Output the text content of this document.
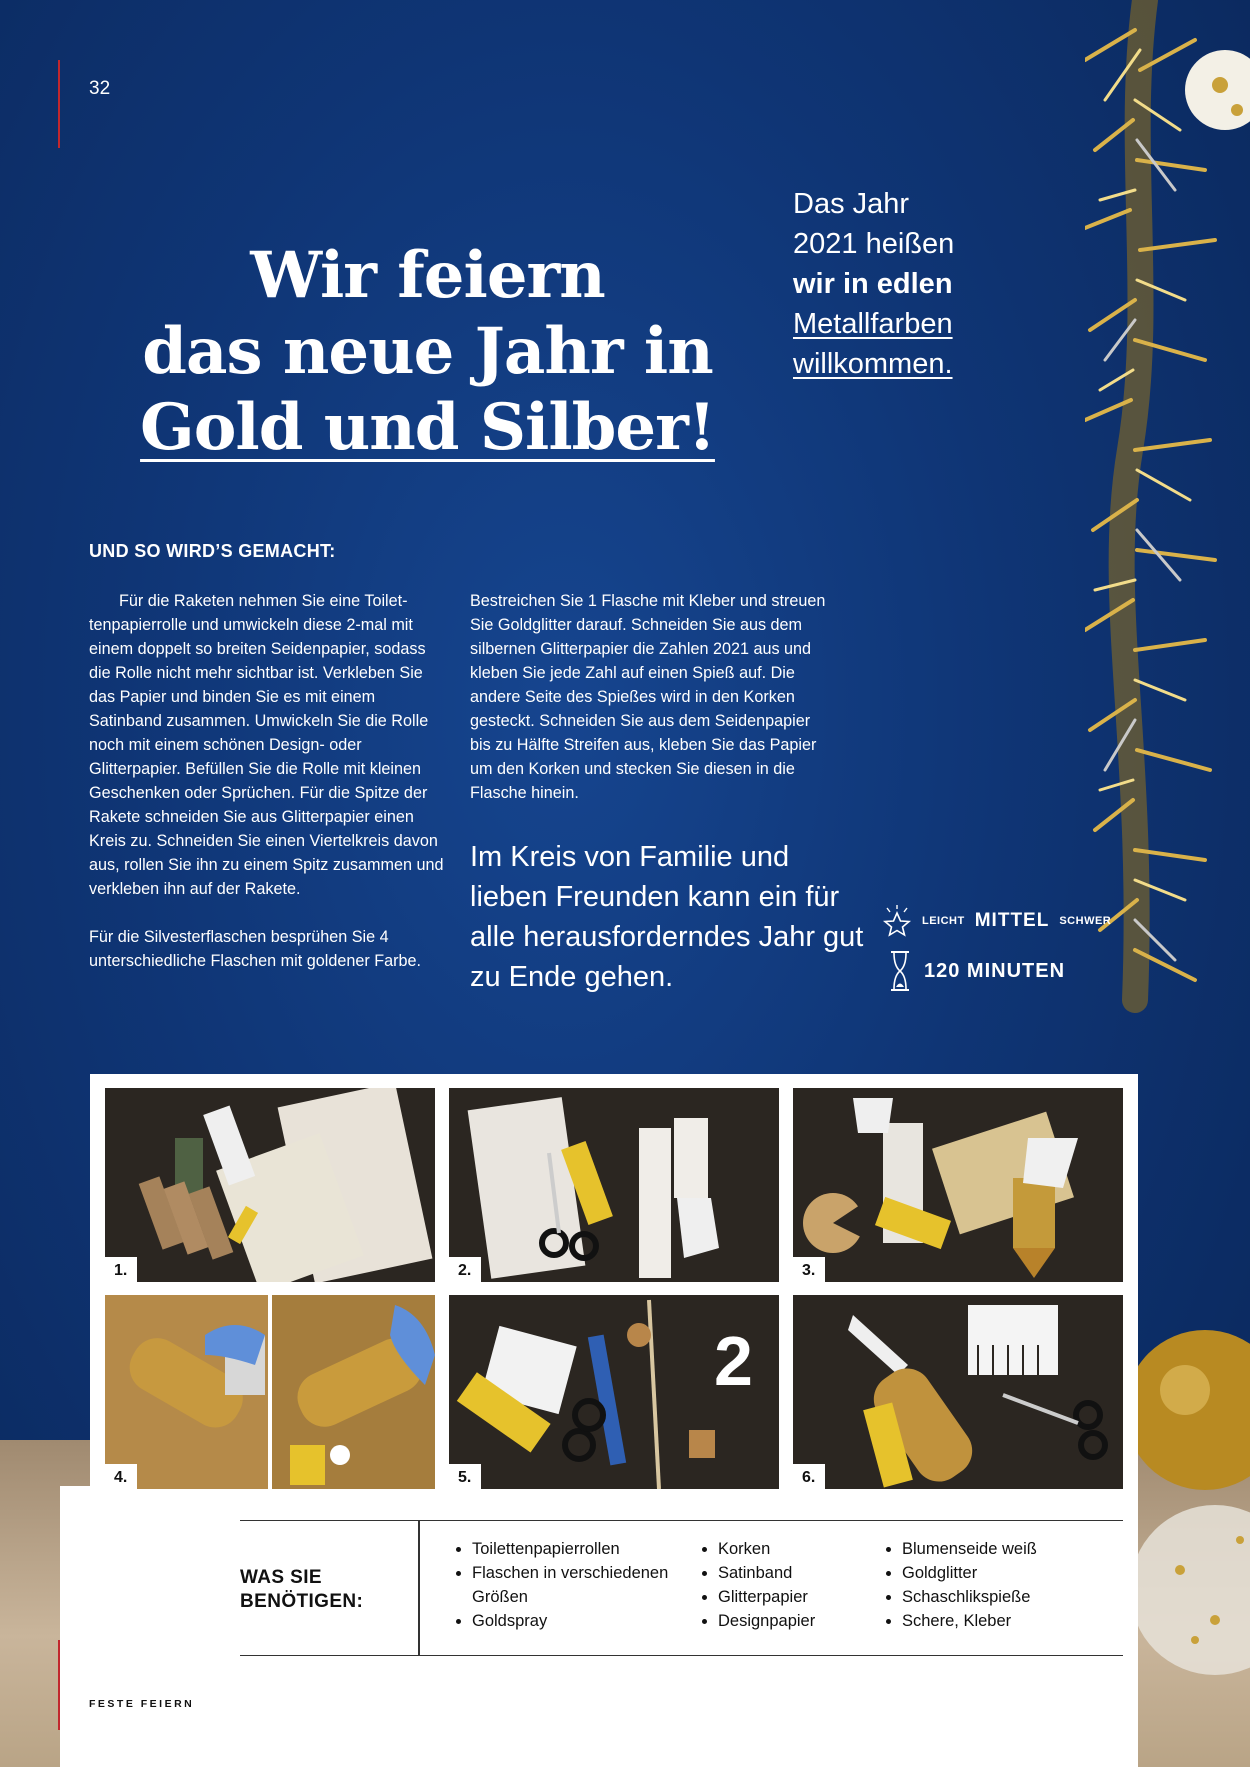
32
Wir feiern
das neue Jahr in
Gold und Silber!
Das Jahr
2021 heißen
wir in edlen
Metallfarben
willkommen.
UND SO WIRD’S GEMACHT:

Für die Raketen nehmen Sie eine Toilet-tenpapierrolle und umwickeln diese 2-mal mit einem doppelt so breiten Seidenpapier, sodass die Rolle nicht mehr sichtbar ist. Verkleben Sie das Papier und binden Sie es mit einem Satinband zusammen. Umwickeln Sie die Rolle noch mit einem schönen Design- oder Glitterpapier. Befüllen Sie die Rolle mit kleinen Geschenken oder Sprüchen. Für die Spitze der Rakete schneiden Sie aus Glitterpapier einen Kreis zu. Schneiden Sie einen Viertelkreis davon aus, rollen Sie ihn zu einem Spitz zusammen und verkleben ihn auf der Rakete.

Für die Silvesterflaschen besprühen Sie 4 unterschiedliche Flaschen mit goldener Farbe.

Bestreichen Sie 1 Flasche mit Kleber und streuen Sie Goldglitter darauf. Schneiden Sie aus dem silbernen Glitterpapier die Zahlen 2021 aus und kleben Sie jede Zahl auf einen Spieß auf. Die andere Seite des Spießes wird in den Korken gesteckt. Schneiden Sie aus dem Seidenpapier bis zu Hälfte Streifen aus, kleben Sie das Papier um den Korken und stecken Sie diesen in die Flasche hinein.

Im Kreis von Familie und lieben Freunden kann ein für alle herausforderndes Jahr gut zu Ende gehen.
LEICHT MITTEL SCHWER
120 MINUTEN
1.	2.	3.
4.
2
5.	6.
WAS SIE BENÖTIGEN:
• Toilettenpapierrollen
• Flaschen in verschiedenen Größen
• Goldspray
• Korken
• Satinband
• Glitterpapier
• Designpapier
• Blumenseide weiß
• Goldglitter
• Schaschlikspieße
• Schere, Kleber
FESTE FEIERN
